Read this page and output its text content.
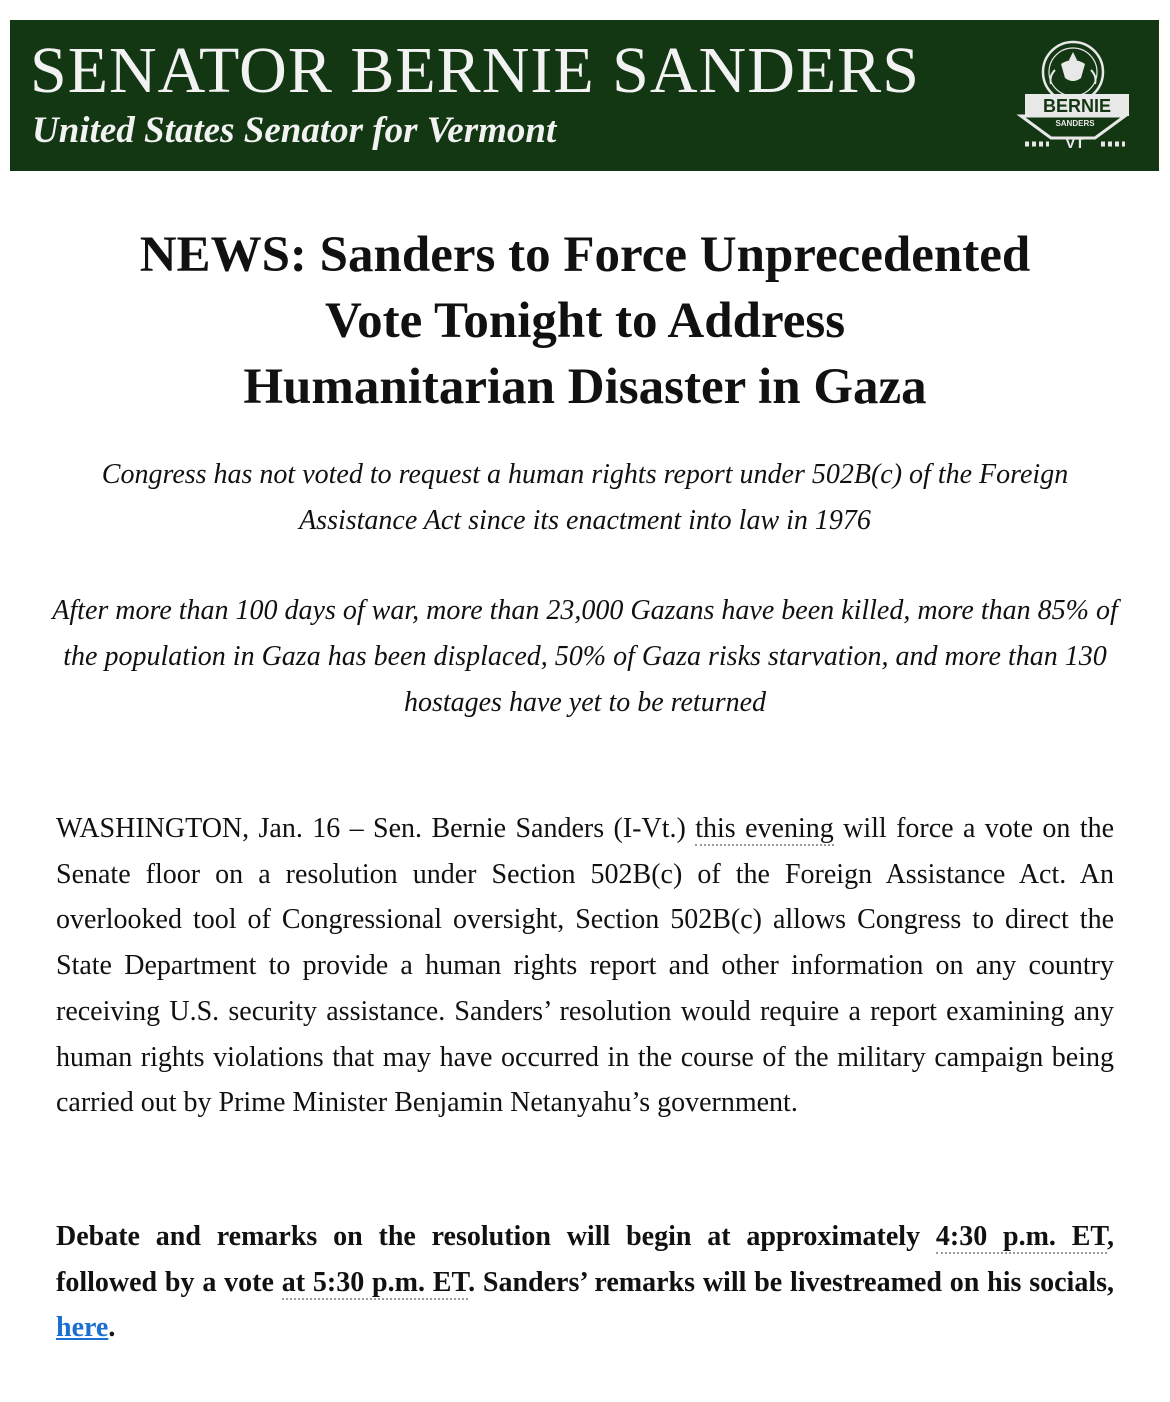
SENATOR BERNIE SANDERS
United States Senator for Vermont
BERNIE
SANDERS
VT
NEWS: Sanders to Force Unprecedented
Vote Tonight to Address
Humanitarian Disaster in Gaza

Congress has not voted to request a human rights report under 502B(c) of the Foreign Assistance Act since its enactment into law in 1976

After more than 100 days of war, more than 23,000 Gazans have been killed, more than 85% of the population in Gaza has been displaced, 50% of Gaza risks starvation, and more than 130 hostages have yet to be returned

WASHINGTON, Jan. 16 – Sen. Bernie Sanders (I-Vt.) this evening will force a vote on the Senate floor on a resolution under Section 502B(c) of the Foreign Assistance Act. An overlooked tool of Congressional oversight, Section 502B(c) allows Congress to direct the State Department to provide a human rights report and other information on any country receiving U.S. security assistance. Sanders’ resolution would require a report examining any human rights violations that may have occurred in the course of the military campaign being carried out by Prime Minister Benjamin Netanyahu’s government.

Debate and remarks on the resolution will begin at approximately 4:30 p.m. ET, followed by a vote at 5:30 p.m. ET. Sanders’ remarks will be livestreamed on his socials, here.
